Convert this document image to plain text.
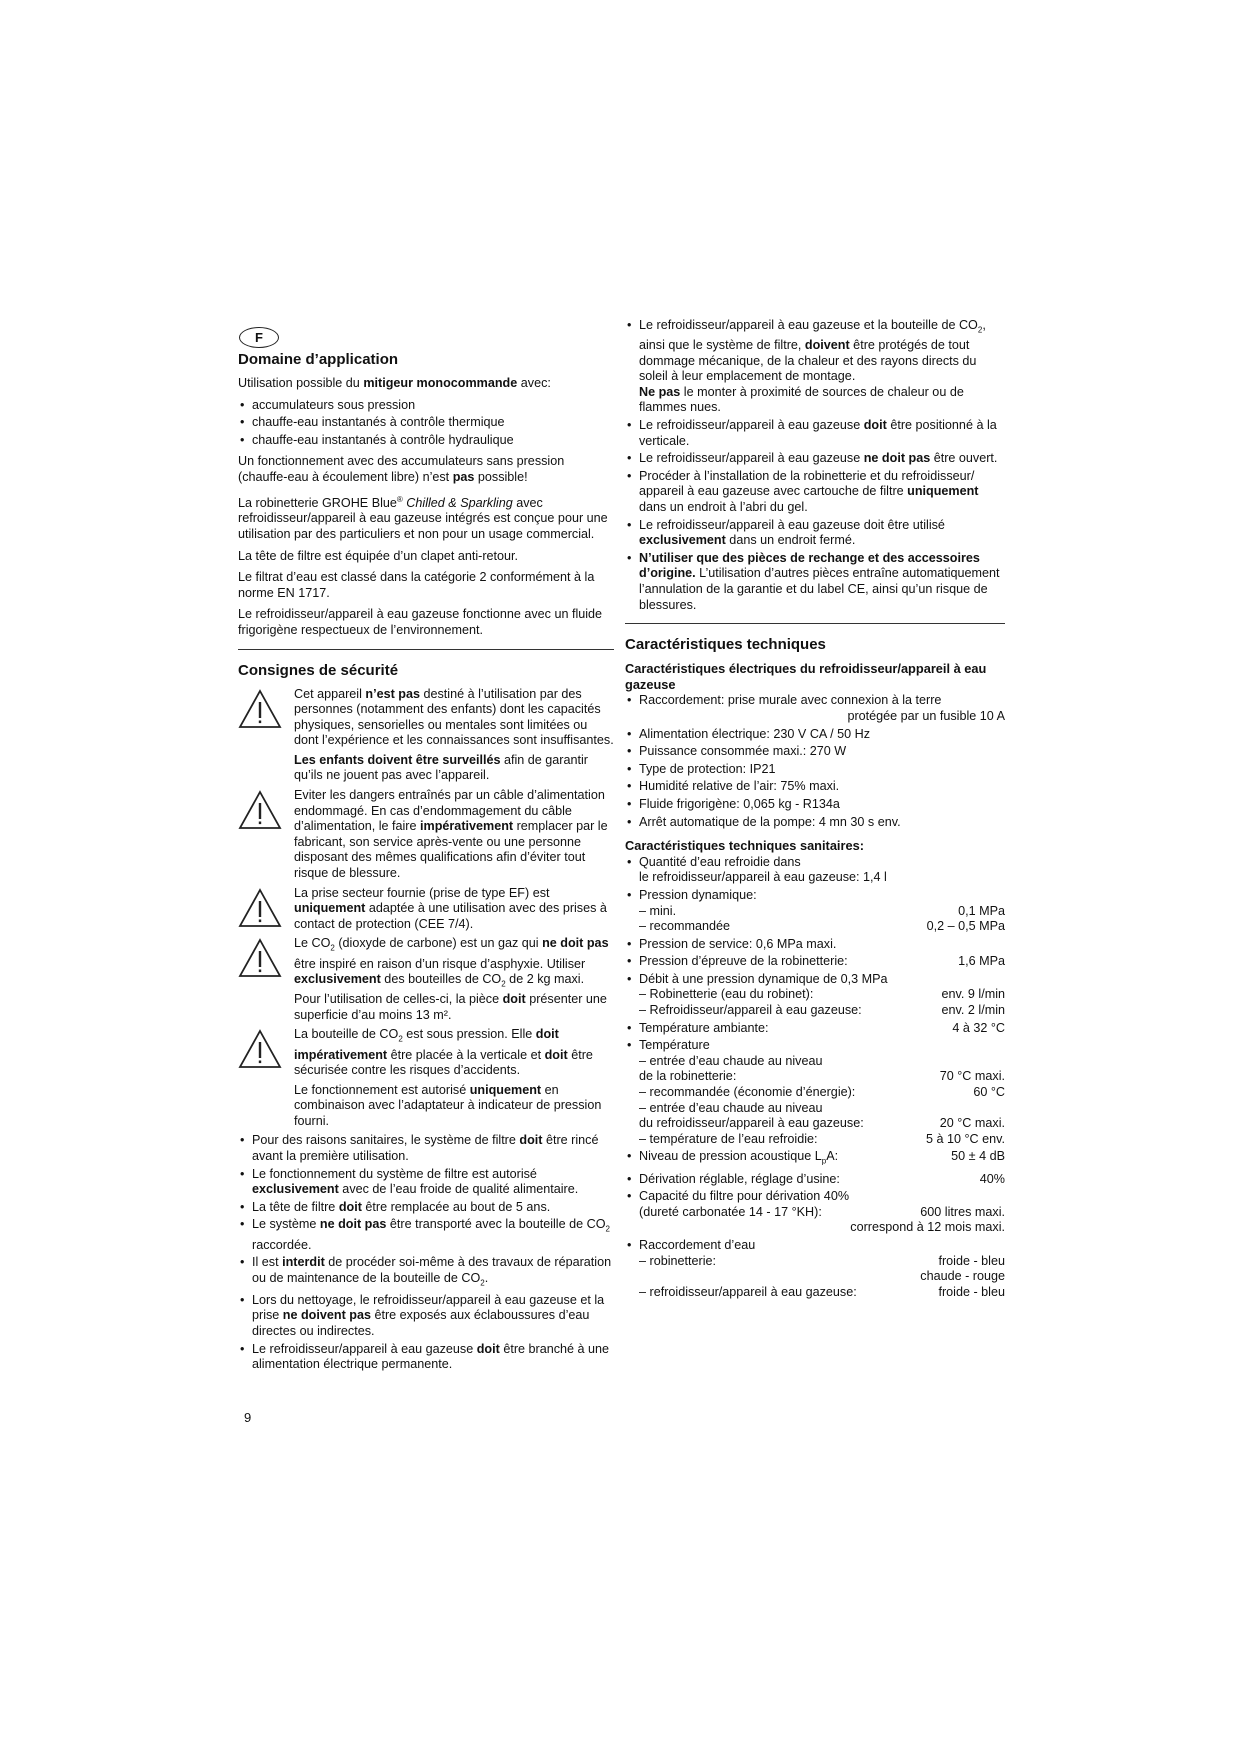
F
Domaine d’application

Utilisation possible du mitigeur monocommande avec:

• accumulateurs sous pression
• chauffe-eau instantanés à contrôle thermique
• chauffe-eau instantanés à contrôle hydraulique

Un fonctionnement avec des accumulateurs sans pression (chauffe-eau à écoulement libre) n’est pas possible!

La robinetterie GROHE Blue® Chilled & Sparkling avec refroidisseur/appareil à eau gazeuse intégrés est conçue pour une utilisation par des particuliers et non pour un usage commercial.

La tête de filtre est équipée d’un clapet anti-retour.

Le filtrat d’eau est classé dans la catégorie 2 conformément à la norme EN 1717.

Le refroidisseur/appareil à eau gazeuse fonctionne avec un fluide frigorigène respectueux de l’environnement.

Consignes de sécurité
Cet appareil n’est pas destiné à l’utilisation par des personnes (notamment des enfants) dont les capacités physiques, sensorielles ou mentales sont limitées ou dont l’expérience et les connaissances sont insuffisantes.
Les enfants doivent être surveillés afin de garantir qu’ils ne jouent pas avec l’appareil.
Eviter les dangers entraînés par un câble d’alimentation endommagé. En cas d’endommagement du câble d’alimentation, le faire impérativement remplacer par le fabricant, son service après-vente ou une personne disposant des mêmes qualifications afin d’éviter tout risque de blessure.
La prise secteur fournie (prise de type EF) est uniquement adaptée à une utilisation avec des prises à contact de protection (CEE 7/4).
Le $CO_2$ (dioxyde de carbone) est un gaz qui ne doit pas être inspiré en raison d’un risque d’asphyxie. Utiliser exclusivement des bouteilles de $CO_2$ de 2 kg maxi. Pour l’utilisation de celles-ci, la pièce doit présenter une superficie d’au moins 13 m².
La bouteille de $CO_2$ est sous pression. Elle doit impérativement être placée à la verticale et doit être sécurisée contre les risques d’accidents.
Le fonctionnement est autorisé uniquement en combinaison avec l’adaptateur à indicateur de pression fourni.
• Pour des raisons sanitaires, le système de filtre doit être rincé avant la première utilisation.
• Le fonctionnement du système de filtre est autorisé exclusivement avec de l’eau froide de qualité alimentaire.
• La tête de filtre doit être remplacée au bout de 5 ans.
• Le système ne doit pas être transporté avec la bouteille de $CO_2$ raccordée.
• Il est interdit de procéder soi-même à des travaux de réparation ou de maintenance de la bouteille de $CO_2$.
• Lors du nettoyage, le refroidisseur/appareil à eau gazeuse et la prise ne doivent pas être exposés aux éclaboussures d’eau directes ou indirectes.
• Le refroidisseur/appareil à eau gazeuse doit être branché à une alimentation électrique permanente.
• Le refroidisseur/appareil à eau gazeuse et la bouteille de $CO_2$, ainsi que le système de filtre, doivent être protégés de tout dommage mécanique, de la chaleur et des rayons directs du soleil à leur emplacement de montage.
Ne pas le monter à proximité de sources de chaleur ou de flammes nues.
• Le refroidisseur/appareil à eau gazeuse doit être positionné à la verticale.
• Le refroidisseur/appareil à eau gazeuse ne doit pas être ouvert.
• Procéder à l’installation de la robinetterie et du refroidisseur/ appareil à eau gazeuse avec cartouche de filtre uniquement dans un endroit à l’abri du gel.
• Le refroidisseur/appareil à eau gazeuse doit être utilisé exclusivement dans un endroit fermé.
• N’utiliser que des pièces de rechange et des accessoires d’origine. L’utilisation d’autres pièces entraîne automatiquement l’annulation de la garantie et du label CE, ainsi qu’un risque de blessures.
Caractéristiques techniques
Caractéristiques électriques du refroidisseur/appareil à eau gazeuse
• Raccordement: prise murale avec connexion à la terre
protégée par un fusible 10 A
• Alimentation électrique: 230 V CA / 50 Hz
• Puissance consommée maxi.: 270 W
• Type de protection: IP21
• Humidité relative de l’air: 75% maxi.
• Fluide frigorigène: 0,065 kg - R134a
• Arrêt automatique de la pompe: 4 mn 30 s env.
Caractéristiques techniques sanitaires:
• Quantité d’eau refroidie dans
le refroidisseur/appareil à eau gazeuse: 1,4 l
• Pression dynamique:
– mini.	0,1 MPa
– recommandée	0,2 – 0,5 MPa
• Pression de service: 0,6 MPa maxi.
• Pression d’épreuve de la robinetterie:	1,6 MPa
• Débit à une pression dynamique de 0,3 MPa
– Robinetterie (eau du robinet):	env. 9 l/min
– Refroidisseur/appareil à eau gazeuse:	env. 2 l/min
• Température ambiante:	4 à 32 °C
• Température
– entrée d’eau chaude au niveau
de la robinetterie:	70 °C maxi.
– recommandée (économie d’énergie):	60 °C
– entrée d’eau chaude au niveau
du refroidisseur/appareil à eau gazeuse:	20 °C maxi.
– température de l’eau refroidie:	5 à 10 °C env.
• Niveau de pression acoustique $L_pA$:	50 ± 4 dB
• Dérivation réglable, réglage d’usine:	40%
• Capacité du filtre pour dérivation 40%
(dureté carbonatée 14 - 17 °KH):	600 litres maxi.
correspond à 12 mois maxi.
• Raccordement d’eau
– robinetterie:	froide - bleu
chaude - rouge
– refroidisseur/appareil à eau gazeuse:	froide - bleu
9
